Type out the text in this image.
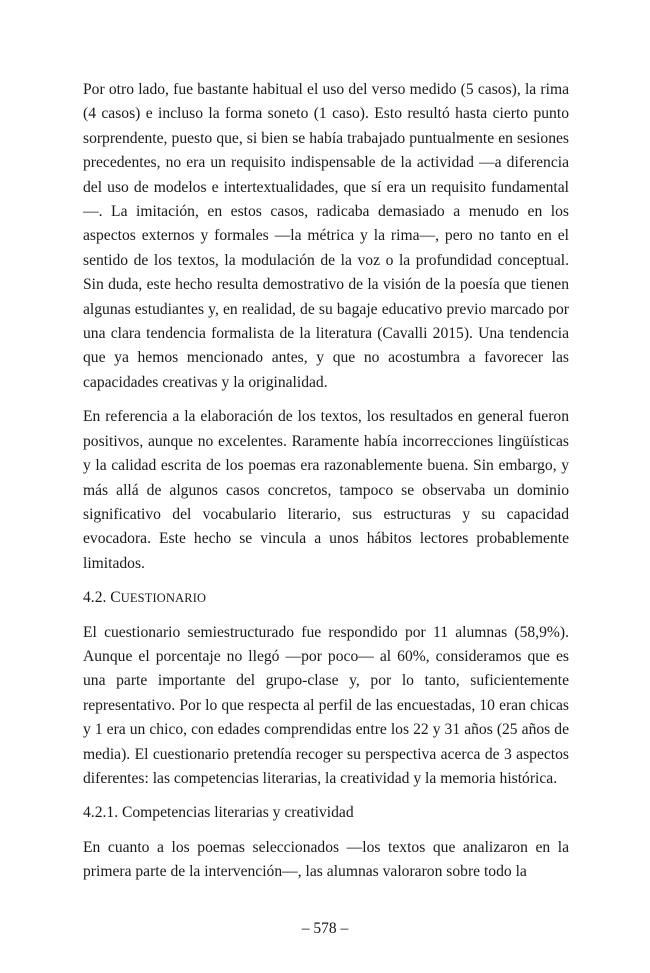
Por otro lado, fue bastante habitual el uso del verso medido (5 casos), la rima (4 casos) e incluso la forma soneto (1 caso). Esto resultó hasta cierto punto sorprendente, puesto que, si bien se había trabajado puntualmente en sesiones precedentes, no era un requisito indispensable de la actividad —a diferencia del uso de modelos e intertextualidades, que sí era un requisito fundamental—. La imitación, en estos casos, radicaba demasiado a menudo en los aspectos externos y formales —la métrica y la rima—, pero no tanto en el sentido de los textos, la modulación de la voz o la profundidad conceptual. Sin duda, este hecho resulta demostrativo de la visión de la poesía que tienen algunas estudiantes y, en realidad, de su bagaje educativo previo marcado por una clara tendencia formalista de la literatura (Cavalli 2015). Una tendencia que ya hemos mencionado antes, y que no acostumbra a favorecer las capacidades creativas y la originalidad.

En referencia a la elaboración de los textos, los resultados en general fueron positivos, aunque no excelentes. Raramente había incorrecciones lingüísticas y la calidad escrita de los poemas era razonablemente buena. Sin embargo, y más allá de algunos casos concretos, tampoco se observaba un dominio significativo del vocabulario literario, sus estructuras y su capacidad evocadora. Este hecho se vincula a unos hábitos lectores probablemente limitados.

4.2. CUESTIONARIO

El cuestionario semiestructurado fue respondido por 11 alumnas (58,9%). Aunque el porcentaje no llegó —por poco— al 60%, consideramos que es una parte importante del grupo-clase y, por lo tanto, suficientemente representativo. Por lo que respecta al perfil de las encuestadas, 10 eran chicas y 1 era un chico, con edades comprendidas entre los 22 y 31 años (25 años de media). El cuestionario pretendía recoger su perspectiva acerca de 3 aspectos diferentes: las competencias literarias, la creatividad y la memoria histórica.

4.2.1. Competencias literarias y creatividad

En cuanto a los poemas seleccionados —los textos que analizaron en la primera parte de la intervención—, las alumnas valoraron sobre todo la

– 578 –
